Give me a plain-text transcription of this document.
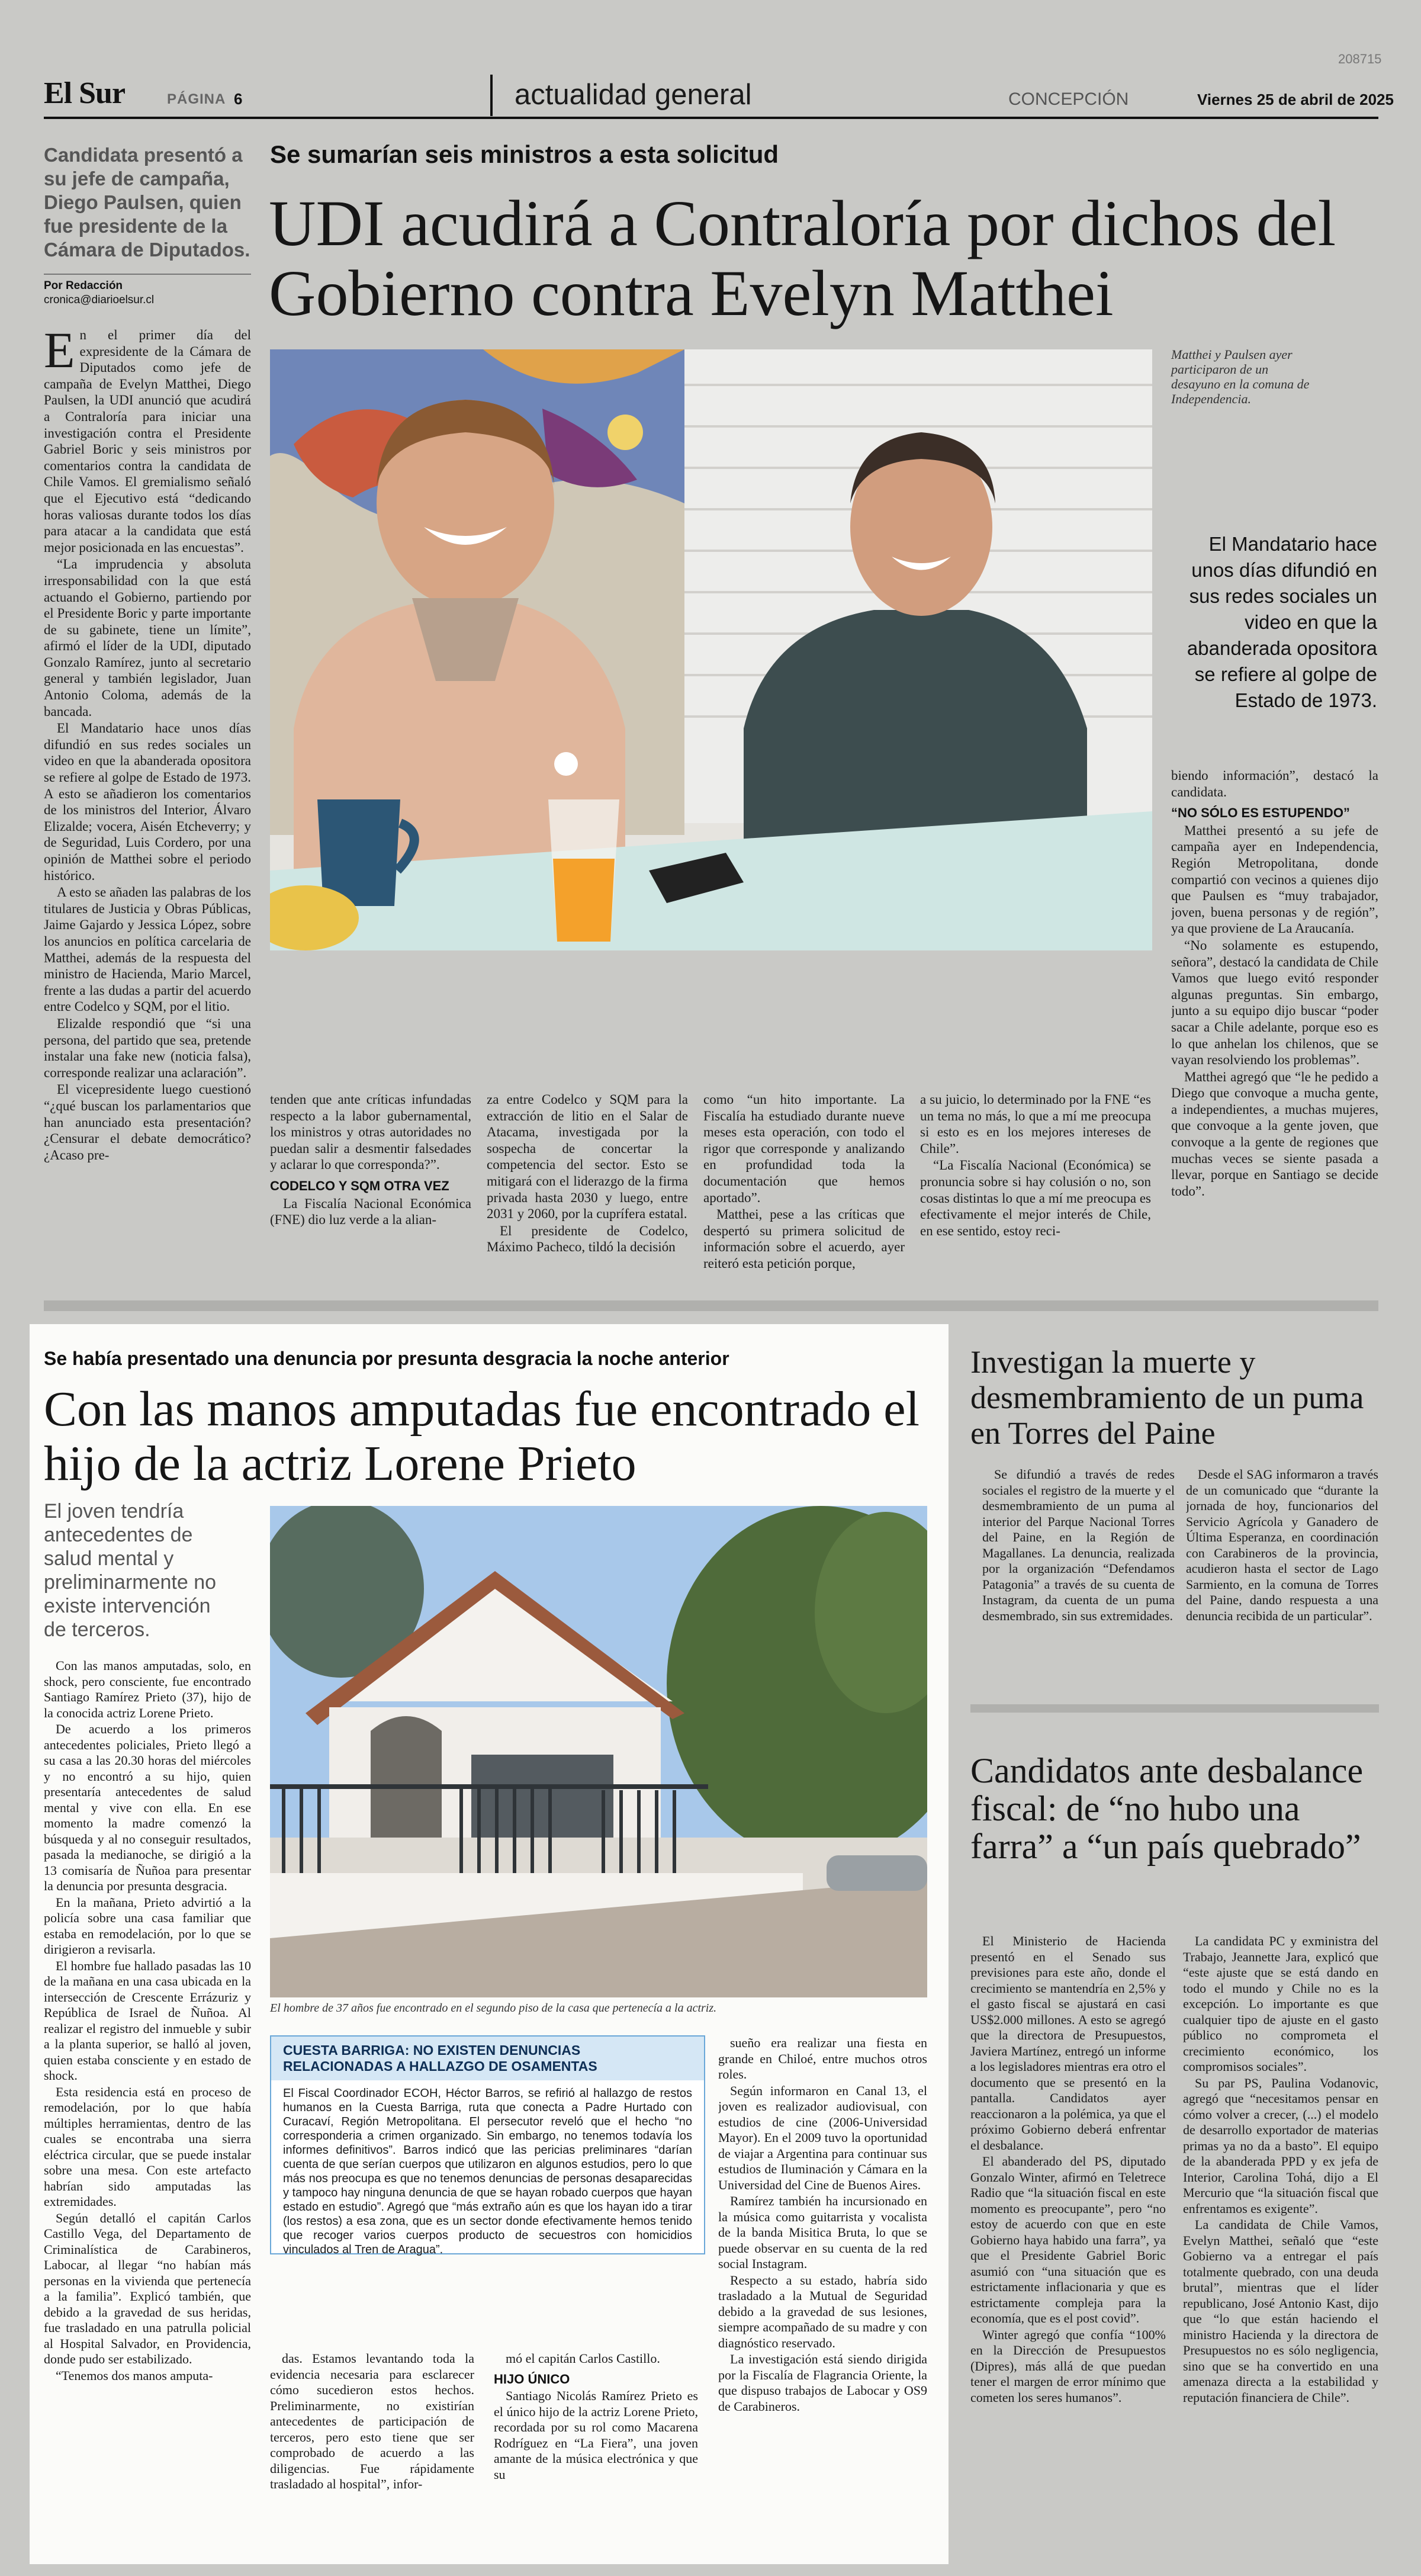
208715
El Sur	PÁGINA 6	actualidad general	CONCEPCIÓN	Viernes 25 de abril de 2025
Candidata presentó a su jefe de campaña, Diego Paulsen, quien fue presidente de la Cámara de Diputados.
Por Redacción
cronica@diarioelsur.cl
Se sumarían seis ministros a esta solicitud
UDI acudirá a Contraloría por dichos del Gobierno contra Evelyn Matthei
Matthei y Paulsen ayer participaron de un desayuno en la comuna de Independencia.
El Mandatario hace unos días difundió en sus redes sociales un video en que la abanderada opositora se refiere al golpe de Estado de 1973.

En el primer día del expresidente de la Cámara de Diputados como jefe de campaña de Evelyn Matthei, Diego Paulsen, la UDI anunció que acudirá a Contraloría para iniciar una investigación contra el Presidente Gabriel Boric y seis ministros por comentarios contra la candidata de Chile Vamos. El gremialismo señaló que el Ejecutivo está “dedicando horas valiosas durante todos los días para atacar a la candidata que está mejor posicionada en las encuestas”.

“La imprudencia y absoluta irresponsabilidad con la que está actuando el Gobierno, partiendo por el Presidente Boric y parte importante de su gabinete, tiene un límite”, afirmó el líder de la UDI, diputado Gonzalo Ramírez, junto al secretario general y también legislador, Juan Antonio Coloma, además de la bancada.

El Mandatario hace unos días difundió en sus redes sociales un video en que la abanderada opositora se refiere al golpe de Estado de 1973. A esto se añadieron los comentarios de los ministros del Interior, Álvaro Elizalde; vocera, Aisén Etcheverry; y de Seguridad, Luis Cordero, por una opinión de Matthei sobre el periodo histórico.

A esto se añaden las palabras de los titulares de Justicia y Obras Públicas, Jaime Gajardo y Jessica López, sobre los anuncios en política carcelaria de Matthei, además de la respuesta del ministro de Hacienda, Mario Marcel, frente a las dudas a partir del acuerdo entre Codelco y SQM, por el litio.

Elizalde respondió que “si una persona, del partido que sea, pretende instalar una fake new (noticia falsa), corresponde realizar una aclaración”.

El vicepresidente luego cuestionó “¿qué buscan los parlamentarios que han anunciado esta presentación? ¿Censurar el debate democrático? ¿Acaso pre-

tenden que ante críticas infundadas respecto a la labor gubernamental, los ministros y otras autoridades no puedan salir a desmentir falsedades y aclarar lo que corresponda?”.

CODELCO Y SQM OTRA VEZ

La Fiscalía Nacional Económica (FNE) dio luz verde a la alian-

za entre Codelco y SQM para la extracción de litio en el Salar de Atacama, investigada por la sospecha de concertar la competencia del sector. Esto se mitigará con el liderazgo de la firma privada hasta 2030 y luego, entre 2031 y 2060, por la cuprífera estatal.

El presidente de Codelco, Máximo Pacheco, tildó la decisión

como “un hito importante. La Fiscalía ha estudiado durante nueve meses esta operación, con todo el rigor que corresponde y analizando en profundidad toda la documentación que hemos aportado”.

Matthei, pese a las críticas que despertó su primera solicitud de información sobre el acuerdo, ayer reiteró esta petición porque,

a su juicio, lo determinado por la FNE “es un tema no más, lo que a mí me preocupa si esto es en los mejores intereses de Chile”.

“La Fiscalía Nacional (Económica) se pronuncia sobre si hay colusión o no, son cosas distintas lo que a mí me preocupa es efectivamente el mejor interés de Chile, en ese sentido, estoy reci-

biendo información”, destacó la candidata.

“NO SÓLO ES ESTUPENDO”

Matthei presentó a su jefe de campaña ayer en Independencia, Región Metropolitana, donde compartió con vecinos a quienes dijo que Paulsen es “muy trabajador, joven, buena personas y de región”, ya que proviene de La Araucanía.

“No solamente es estupendo, señora”, destacó la candidata de Chile Vamos que luego evitó responder algunas preguntas. Sin embargo, junto a su equipo dijo buscar “poder sacar a Chile adelante, porque eso es lo que anhelan los chilenos, que se vayan resolviendo los problemas”.

Matthei agregó que “le he pedido a Diego que convoque a mucha gente, a independientes, a muchas mujeres, que convoque a la gente joven, que convoque a la gente de regiones que muchas veces se siente pasada a llevar, porque en Santiago se decide todo”.

Se había presentado una denuncia por presunta desgracia la noche anterior
Con las manos amputadas fue encontrado el hijo de la actriz Lorene Prieto
El joven tendría antecedentes de salud mental y preliminarmente no existe intervención de terceros.
El hombre de 37 años fue encontrado en el segundo piso de la casa que pertenecía a la actriz.

Con las manos amputadas, solo, en shock, pero consciente, fue encontrado Santiago Ramírez Prieto (37), hijo de la conocida actriz Lorene Prieto.

De acuerdo a los primeros antecedentes policiales, Prieto llegó a su casa a las 20.30 horas del miércoles y no encontró a su hijo, quien presentaría antecedentes de salud mental y vive con ella. En ese momento la madre comenzó la búsqueda y al no conseguir resultados, pasada la medianoche, se dirigió a la 13 comisaría de Ñuñoa para presentar la denuncia por presunta desgracia.

En la mañana, Prieto advirtió a la policía sobre una casa familiar que estaba en remodelación, por lo que se dirigieron a revisarla.

El hombre fue hallado pasadas las 10 de la mañana en una casa ubicada en la intersección de Crescente Errázuriz y República de Israel de Ñuñoa. Al realizar el registro del inmueble y subir a la planta superior, se halló al joven, quien estaba consciente y en estado de shock.

Esta residencia está en proceso de remodelación, por lo que había múltiples herramientas, dentro de las cuales se encontraba una sierra eléctrica circular, que se puede instalar sobre una mesa. Con este artefacto habrían sido amputadas las extremidades.

Según detalló el capitán Carlos Castillo Vega, del Departamento de Criminalística de Carabineros, Labocar, al llegar “no habían más personas en la vivienda que pertenecía a la familia”. Explicó también, que debido a la gravedad de sus heridas, fue trasladado en una patrulla policial al Hospital Salvador, en Providencia, donde pudo ser estabilizado.

“Tenemos dos manos amputa-

CUESTA BARRIGA: NO EXISTEN DENUNCIAS RELACIONADAS A HALLAZGO DE OSAMENTAS
El Fiscal Coordinador ECOH, Héctor Barros, se refirió al hallazgo de restos humanos en la Cuesta Barriga, ruta que conecta a Padre Hurtado con Curacaví, Región Metropolitana. El persecutor reveló que el hecho “no corresponderia a crimen organizado. Sin embargo, no tenemos todavía los informes definitivos”. Barros indicó que las pericias preliminares “darían cuenta de que serían cuerpos que utilizaron en algunos estudios, pero lo que más nos preocupa es que no tenemos denuncias de personas desaparecidas y tampoco hay ninguna denuncia de que se hayan robado cuerpos que hayan estado en estudio”. Agregó que “más extraño aún es que los hayan ido a tirar (los restos) a esa zona, que es un sector donde efectivamente hemos tenido que recoger varios cuerpos producto de secuestros con homicidios vinculados al Tren de Aragua”.

das. Estamos levantando toda la evidencia necesaria para esclarecer cómo sucedieron estos hechos. Preliminarmente, no existirían antecedentes de participación de terceros, pero esto tiene que ser comprobado de acuerdo a las diligencias. Fue rápidamente trasladado al hospital”, infor-

mó el capitán Carlos Castillo.

HIJO ÚNICO

Santiago Nicolás Ramírez Prieto es el único hijo de la actriz Lorene Prieto, recordada por su rol como Macarena Rodríguez en “La Fiera”, una joven amante de la música electrónica y que su

sueño era realizar una fiesta en grande en Chiloé, entre muchos otros roles.

Según informaron en Canal 13, el joven es realizador audiovisual, con estudios de cine (2006-Universidad Mayor). En el 2009 tuvo la oportunidad de viajar a Argentina para continuar sus estudios de Iluminación y Cámara en la Universidad del Cine de Buenos Aires.

Ramírez también ha incursionado en la música como guitarrista y vocalista de la banda Misitica Bruta, lo que se puede observar en su cuenta de la red social Instagram.

Respecto a su estado, habría sido trasladado a la Mutual de Seguridad debido a la gravedad de sus lesiones, siempre acompañado de su madre y con diagnóstico reservado.

La investigación está siendo dirigida por la Fiscalía de Flagrancia Oriente, la que dispuso trabajos de Labocar y OS9 de Carabineros.

Investigan la muerte y desmembramiento de un puma en Torres del Paine

Se difundió a través de redes sociales el registro de la muerte y el desmembramiento de un puma al interior del Parque Nacional Torres del Paine, en la Región de Magallanes. La denuncia, realizada por la organización “Defendamos Patagonia” a través de su cuenta de Instagram, da cuenta de un puma desmembrado, sin sus extremidades.

Desde el SAG informaron a través de un comunicado que “durante la jornada de hoy, funcionarios del Servicio Agrícola y Ganadero de Última Esperanza, en coordinación con Carabineros de la provincia, acudieron hasta el sector de Lago Sarmiento, en la comuna de Torres del Paine, dando respuesta a una denuncia recibida de un particular”.

Candidatos ante desbalance fiscal: de “no hubo una farra” a “un país quebrado”

El Ministerio de Hacienda presentó en el Senado sus previsiones para este año, donde el crecimiento se mantendría en 2,5% y el gasto fiscal se ajustará en casi US$2.000 millones. A esto se agregó que la directora de Presupuestos, Javiera Martínez, entregó un informe a los legisladores mientras era otro el documento que se presentó en la pantalla. Candidatos ayer reaccionaron a la polémica, ya que el próximo Gobierno deberá enfrentar el desbalance.

El abanderado del PS, diputado Gonzalo Winter, afirmó en Teletrece Radio que “la situación fiscal en este momento es preocupante”, pero “no estoy de acuerdo con que en este Gobierno haya habido una farra”, ya que el Presidente Gabriel Boric asumió con “una situación que es estrictamente inflacionaria y que es estrictamente compleja para la economía, que es el post covid”.

Winter agregó que confía “100% en la Dirección de Presupuestos (Dipres), más allá de que puedan tener el margen de error mínimo que cometen los seres humanos”.

La candidata PC y exministra del Trabajo, Jeannette Jara, explicó que “este ajuste que se está dando en todo el mundo y Chile no es la excepción. Lo importante es que cualquier tipo de ajuste en el gasto público no comprometa el crecimiento económico, los compromisos sociales”.

Su par PS, Paulina Vodanovic, agregó que “necesitamos pensar en cómo volver a crecer, (...) el modelo de desarrollo exportador de materias primas ya no da a basto”. El equipo de la abanderada PPD y ex jefa de Interior, Carolina Tohá, dijo a El Mercurio que “la situación fiscal que enfrentamos es exigente”.

La candidata de Chile Vamos, Evelyn Matthei, señaló que “este Gobierno va a entregar el país totalmente quebrado, con una deuda brutal”, mientras que el líder republicano, José Antonio Kast, dijo que “lo que están haciendo el ministro Hacienda y la directora de Presupuestos no es sólo negligencia, sino que se ha convertido en una amenaza directa a la estabilidad y reputación financiera de Chile”.
